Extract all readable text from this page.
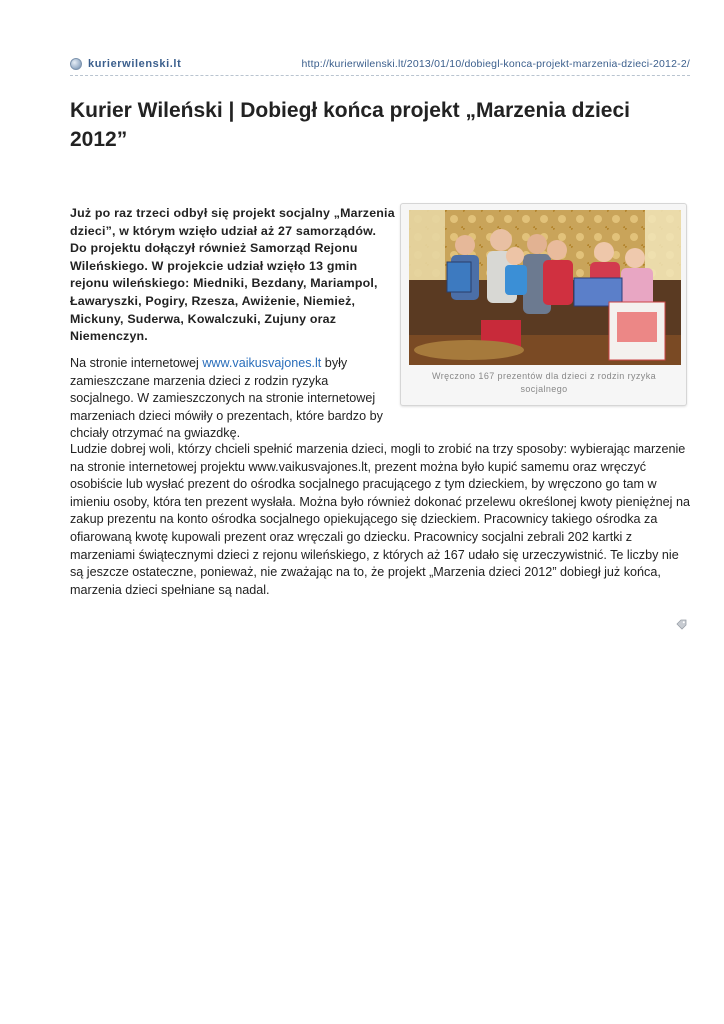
kurierwilenski.lt	http://kurierwilenski.lt/2013/01/10/dobiegl-konca-projekt-marzenia-dzieci-2012-2/
Kurier Wileński | Dobiegł końca projekt „Marzenia dzieci 2012”
Wręczono 167 prezentów dla dzieci z rodzin ryzyka socjalnego

Już po raz trzeci odbył się projekt socjalny „Marzenia dzieci”, w którym wzięło udział aż 27 samorządów. Do projektu dołączył również Samorząd Rejonu Wileńskiego. W projekcie udział wzięło 13 gmin rejonu wileńskiego: Miedniki, Bezdany, Mariampol, Ławaryszki, Pogiry, Rzesza, Awiżenie, Niemież, Mickuny, Suderwa, Kowalczuki, Zujuny oraz Niemenczyn.

Na stronie internetowej www.vaikusvajones.lt były zamieszczane marzenia dzieci z rodzin ryzyka socjalnego. W zamieszczonych na stronie internetowej marzeniach dzieci mówiły o prezentach, które bardzo by chciały otrzymać na gwiazdkę.

Ludzie dobrej woli, którzy chcieli spełnić marzenia dzieci, mogli to zrobić na trzy sposoby: wybierając marzenie na stronie internetowej projektu www.vaikusvajones.lt, prezent można było kupić samemu oraz wręczyć osobiście lub wysłać prezent do ośrodka socjalnego pracującego z tym dzieckiem, by wręczono go tam w imieniu osoby, która ten prezent wysłała. Można było również dokonać przelewu określonej kwoty pieniężnej na zakup prezentu na konto ośrodka socjalnego opiekującego się dzieckiem. Pracownicy takiego ośrodka za ofiarowaną kwotę kupowali prezent oraz wręczali go dziecku. Pracownicy socjalni zebrali 202 kartki z marzeniami świątecznymi dzieci z rejonu wileńskiego, z których aż 167 udało się urzeczywistnić. Te liczby nie są jeszcze ostateczne, ponieważ, nie zważając na to, że projekt „Marzenia dzieci 2012” dobiegł już końca, marzenia dzieci spełniane są nadal.
